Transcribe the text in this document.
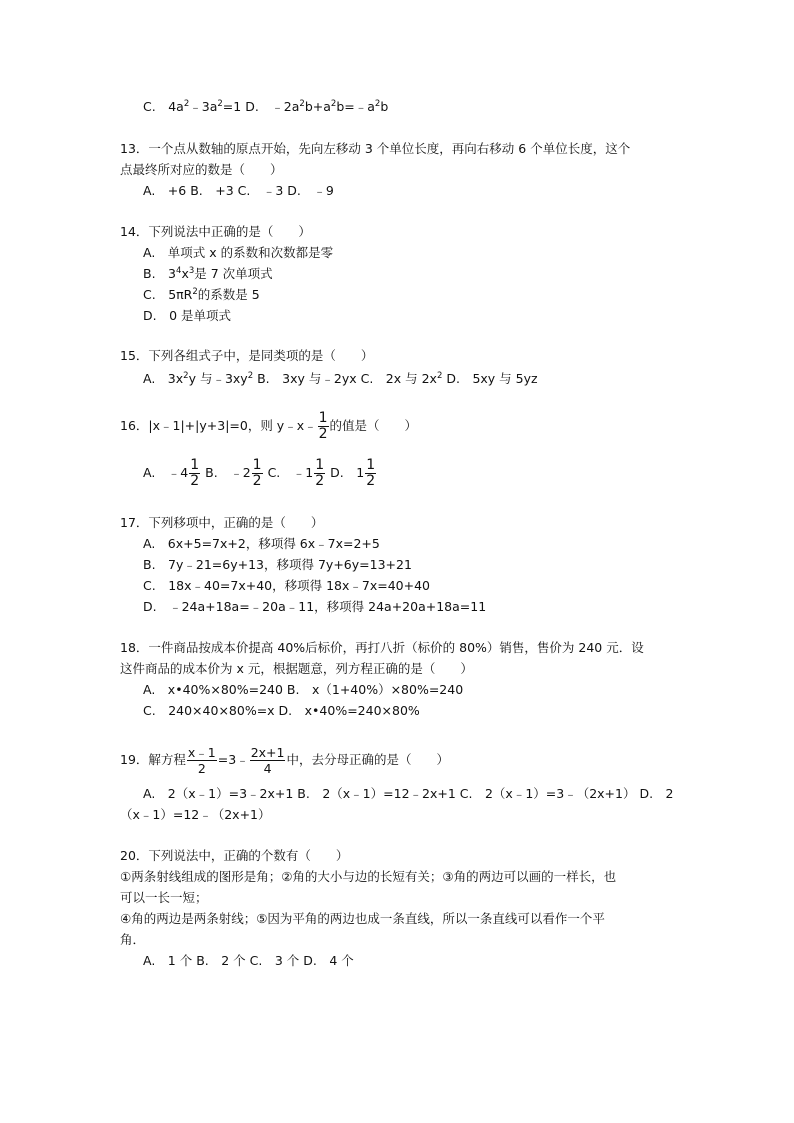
C.　$4a^2﹣3a^2=1$ D.　$﹣2a^2b+a^2b=﹣a^2b$
13．一个点从数轴的原点开始，先向左移动 3 个单位长度，再向右移动 6 个单位长度，这个
点最终所对应的数是（　　）
A.　+6 B.　+3 C.　﹣3 D.　﹣9
14．下列说法中正确的是（　　）
A.　单项式 x 的系数和次数都是零
B.　$3^4x^3$是 7 次单项式
C.　$5\pi R^2$的系数是 5
D.　0 是单项式
15．下列各组式子中，是同类项的是（　　）
A.　$3x^2y$ 与$﹣3xy^2$ B.　3xy 与﹣2yx C.　2x 与 $2x^2$ D.　5xy 与 5yz
16．|x﹣1|+|y+3|=0，则 y﹣x﹣ $\frac{1}{2}$ 的值是（　　）
A.　﹣4 $\frac{1}{2} B$.　﹣2 $\frac{1}{2} C$.　﹣1 $\frac{1}{2} D$.　$1 \frac{1}{2}$
17．下列移项中，正确的是（　　）
A.　6x+5=7x+2，移项得 6x﹣7x=2+5
B.　7y﹣21=6y+13，移项得 7y+6y=13+21
C.　18x﹣40=7x+40，移项得 18x﹣7x=40+40
D.　﹣24a+18a=﹣20a﹣11，移项得 24a+20a+18a=11
18．一件商品按成本价提高 40%后标价，再打八折（标价的 80%）销售，售价为 240 元．设
这件商品的成本价为 x 元，根据题意，列方程正确的是（　　）
A.　x•40%×80%=240 B.　x（1+40%）×80%=240
C.　240×40×80%=x D.　x•40%=240×80%
19．解方程 $\frac{x﹣1}{2}$ =3﹣ $\frac{2x+1}{4}$ 中，去分母正确的是（　　）
A.　2（x﹣1）=3﹣2x+1 B.　2（x﹣1）=12﹣2x+1 C.　2（x﹣1）=3﹣（2x+1） D.　2
（x﹣1）=12﹣（2x+1）
20．下列说法中，正确的个数有（　　）
①两条射线组成的图形是角；②角的大小与边的长短有关；③角的两边可以画的一样长，也
可以一长一短；
④角的两边是两条射线；⑤因为平角的两边也成一条直线，所以一条直线可以看作一个平
角．
A.　1 个 B.　2 个 C.　3 个 D.　4 个
